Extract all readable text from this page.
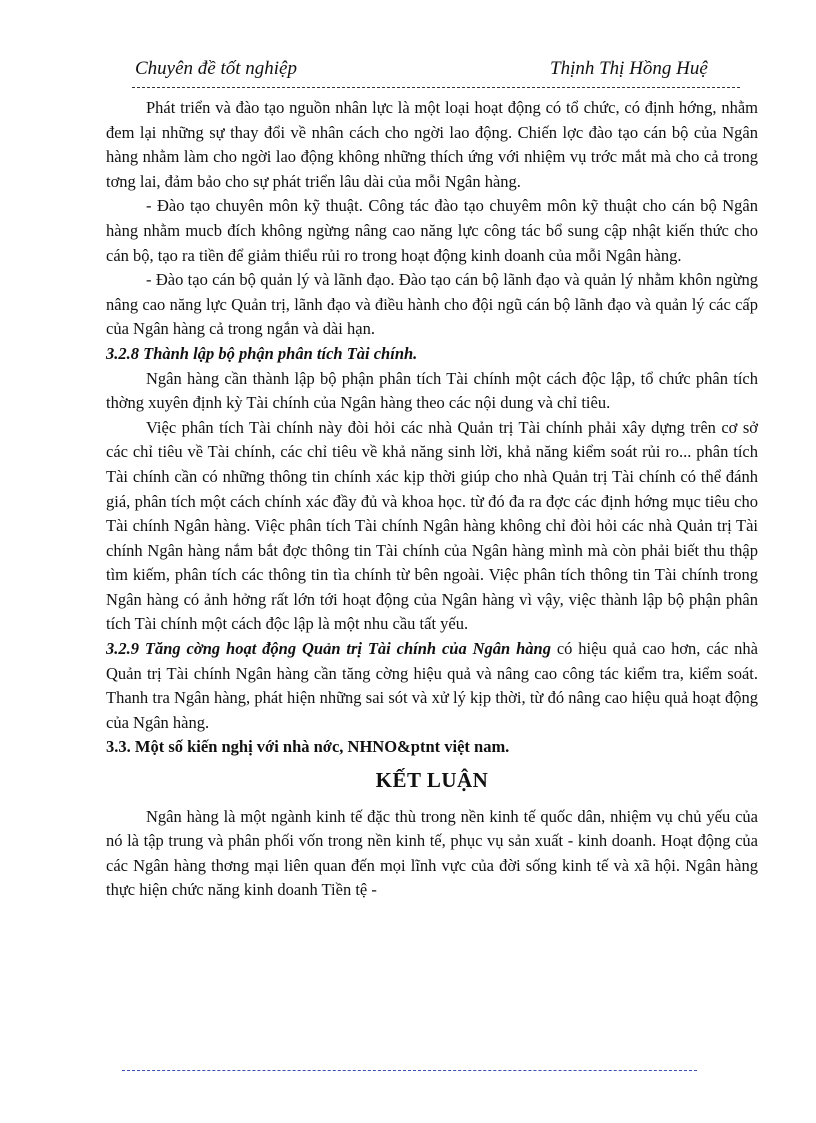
Chuyên đề tốt nghiệp	Thịnh Thị Hồng Huệ

Phát triển và đào tạo nguồn nhân lực là một loại hoạt động có tổ chức, có định hớng, nhằm đem lại những sự thay đổi về nhân cách cho ngời lao động. Chiến lợc đào tạo cán bộ của Ngân hàng nhằm làm cho ngời lao động không những thích ứng với nhiệm vụ trớc mắt mà cho cả trong tơng lai, đảm bảo cho sự phát triển lâu dài của mỗi Ngân hàng.

- Đào tạo chuyên môn kỹ thuật. Công tác đào tạo chuyêm môn kỹ thuật cho cán bộ Ngân hàng nhằm mucb đích không ngừng nâng cao năng lực công tác bổ sung cập nhật kiến thức cho cán bộ, tạo ra tiền để giảm thiểu rủi ro trong hoạt động kinh doanh của mỗi Ngân hàng.

- Đào tạo cán bộ quản lý và lãnh đạo. Đào tạo cán bộ lãnh đạo và quản lý nhằm khôn ngừng nâng cao năng lực Quản trị, lãnh đạo và điều hành cho đội ngũ cán bộ lãnh đạo và quản lý các cấp của Ngân hàng cả trong ngắn và dài hạn.

3.2.8 Thành lập bộ phận phân tích Tài chính.

Ngân hàng cần thành lập bộ phận phân tích Tài chính một cách độc lập, tổ chức phân tích thờng xuyên định kỳ Tài chính của Ngân hàng theo các nội dung và chỉ tiêu.

Việc phân tích Tài chính này đòi hỏi các nhà Quản trị Tài chính phải xây dựng trên cơ sở các chỉ tiêu về Tài chính, các chỉ tiêu về khả năng sinh lời, khả năng kiểm soát rủi ro... phân tích Tài chính cần có những thông tin chính xác kịp thời giúp cho nhà Quản trị Tài chính có thể đánh giá, phân tích một cách chính xác đầy đủ và khoa học. từ đó đa ra đợc các định hớng mục tiêu cho Tài chính Ngân hàng. Việc phân tích Tài chính Ngân hàng không chỉ đòi hỏi các nhà Quản trị Tài chính Ngân hàng nắm bắt đợc thông tin Tài chính của Ngân hàng mình mà còn phải biết thu thập tìm kiếm, phân tích các thông tin tìa chính từ bên ngoài. Việc phân tích thông tin Tài chính trong Ngân hàng có ảnh hởng rất lớn tới hoạt động của Ngân hàng vì vậy, việc thành lập bộ phận phân tích Tài chính một cách độc lập là một nhu cầu tất yếu.

3.2.9 Tăng cờng hoạt động Quản trị Tài chính của Ngân hàng có hiệu quả cao hơn, các nhà Quản trị Tài chính Ngân hàng cần tăng cờng hiệu quả và nâng cao công tác kiểm tra, kiểm soát. Thanh tra Ngân hàng, phát hiện những sai sót và xử lý kịp thời, từ đó nâng cao hiệu quả hoạt động của Ngân hàng.

3.3. Một số kiến nghị với nhà nớc, NHNO&ptnt việt nam.

KẾT LUẬN

Ngân hàng là một ngành kinh tế đặc thù trong nền kinh tế quốc dân, nhiệm vụ chủ yếu của nó là tập trung và phân phối vốn trong nền kinh tế, phục vụ sản xuất - kinh doanh. Hoạt động của các Ngân hàng thơng mại liên quan đến mọi lĩnh vực của đời sống kinh tế và xã hội. Ngân hàng thực hiện chức năng kinh doanh Tiền tệ -
